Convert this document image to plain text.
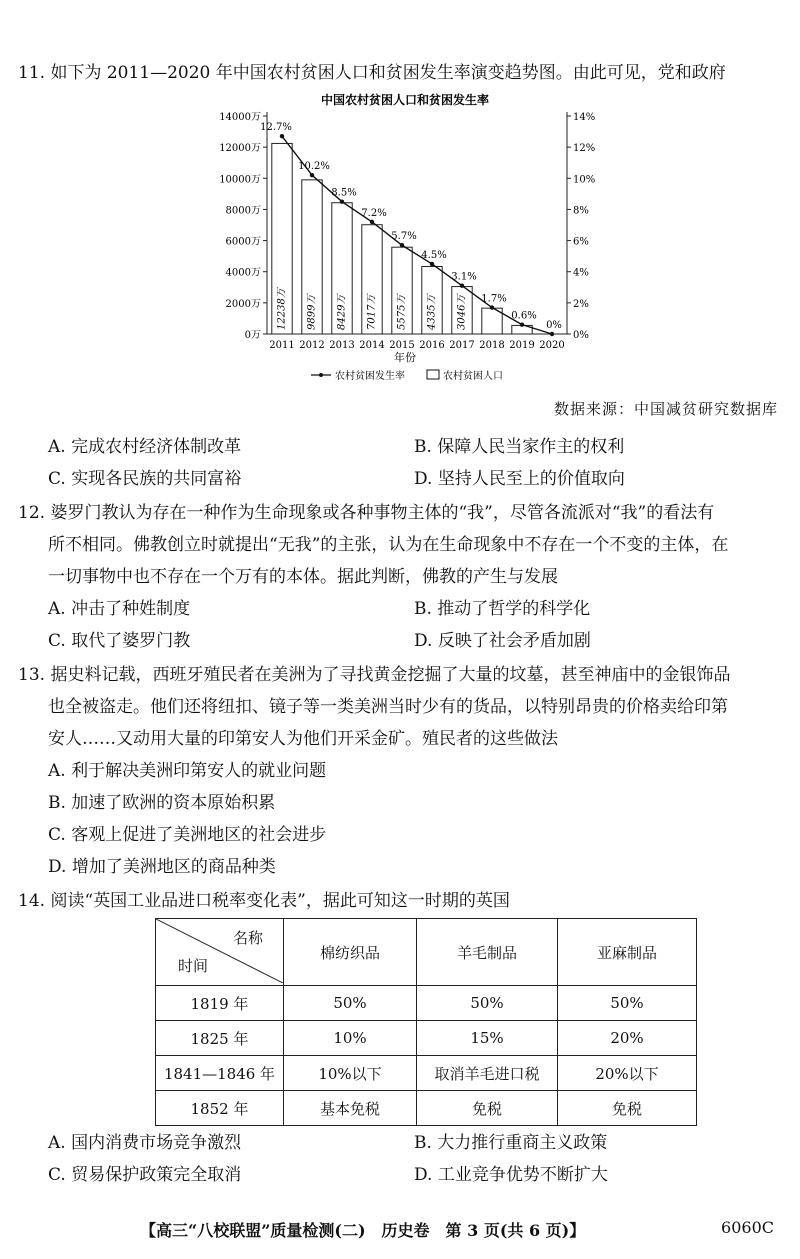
11. 如下为 2011—2020 年中国农村贫困人口和贫困发生率演变趋势图。由此可见，党和政府
中国农村贫困人口和贫困发生率
0万
2000万
4000万
6000万
8000万
10000万
12000万
14000万
0%
2%
4%
6%
8%
10%
12%
14%
2011 2012 2013 2014 2015 2016 2017 2018 2019 2020
12238万 9899万 8429万 7017万 5575万 4335万 3046万
12.7%
10.2%
8.5%
7.2%
5.7%
4.5%
3.1%
1.7%
0.6%
0%
年份
农村贫困发生率	农村贫困人口
数据来源：中国减贫研究数据库
A. 完成农村经济体制改革	B. 保障人民当家作主的权利
C. 实现各民族的共同富裕	D. 坚持人民至上的价值取向
12. 婆罗门教认为存在一种作为生命现象或各种事物主体的“我”，尽管各流派对“我”的看法有
所不相同。佛教创立时就提出“无我”的主张，认为在生命现象中不存在一个不变的主体，在
一切事物中也不存在一个万有的本体。据此判断，佛教的产生与发展
A. 冲击了种姓制度	B. 推动了哲学的科学化
C. 取代了婆罗门教	D. 反映了社会矛盾加剧
13. 据史料记载，西班牙殖民者在美洲为了寻找黄金挖掘了大量的坟墓，甚至神庙中的金银饰品
也全被盗走。他们还将纽扣、镜子等一类美洲当时少有的货品，以特别昂贵的价格卖给印第
安人……又动用大量的印第安人为他们开采金矿。殖民者的这些做法
A. 利于解决美洲印第安人的就业问题
B. 加速了欧洲的资本原始积累
C. 客观上促进了美洲地区的社会进步
D. 增加了美洲地区的商品种类
14. 阅读“英国工业品进口税率变化表”，据此可知这一时期的英国
名称
时间	棉纺织品	羊毛制品	亚麻制品
1819 年	50%	50%	50%
1825 年	10%	15%	20%
1841—1846 年	10%以下	取消羊毛进口税	20%以下
1852 年	基本免税	免税	免税
A. 国内消费市场竞争激烈	B. 大力推行重商主义政策
C. 贸易保护政策完全取消	D. 工业竞争优势不断扩大
【高三“八校联盟”质量检测(二)　历史卷　第 3 页(共 6 页)】	6060C
